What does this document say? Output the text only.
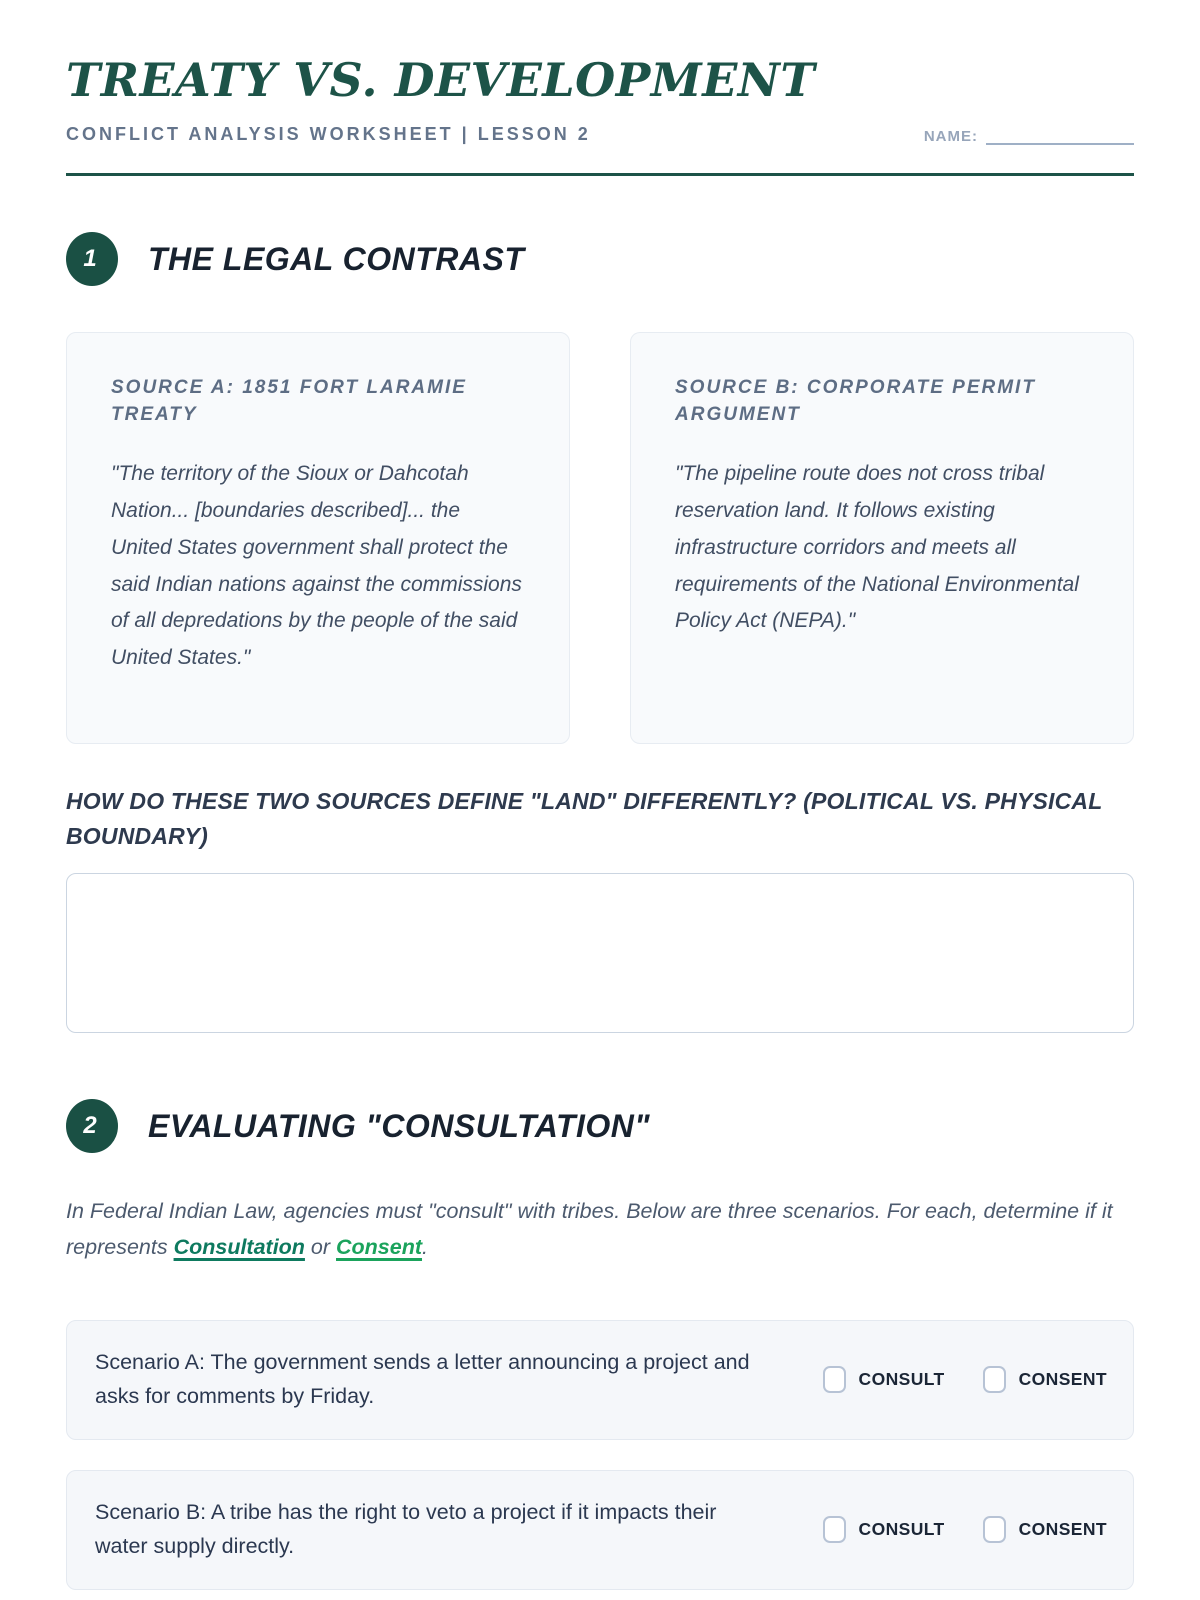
TREATY VS. DEVELOPMENT
CONFLICT ANALYSIS WORKSHEET | LESSON 2	NAME:
1	THE LEGAL CONTRAST
SOURCE A: 1851 FORT LARAMIE TREATY
"The territory of the Sioux or Dahcotah Nation... [boundaries described]... the United States government shall protect the said Indian nations against the commissions of all depredations by the people of the said United States."
SOURCE B: CORPORATE PERMIT ARGUMENT
"The pipeline route does not cross tribal reservation land. It follows existing infrastructure corridors and meets all requirements of the National Environmental Policy Act (NEPA)."
HOW DO THESE TWO SOURCES DEFINE "LAND" DIFFERENTLY? (POLITICAL VS. PHYSICAL BOUNDARY)
2	EVALUATING "CONSULTATION"
In Federal Indian Law, agencies must "consult" with tribes. Below are three scenarios. For each, determine if it represents Consultation or Consent.
Scenario A: The government sends a letter announcing a project and asks for comments by Friday.
CONSULT	CONSENT
Scenario B: A tribe has the right to veto a project if it impacts their water supply directly.
CONSULT	CONSENT
